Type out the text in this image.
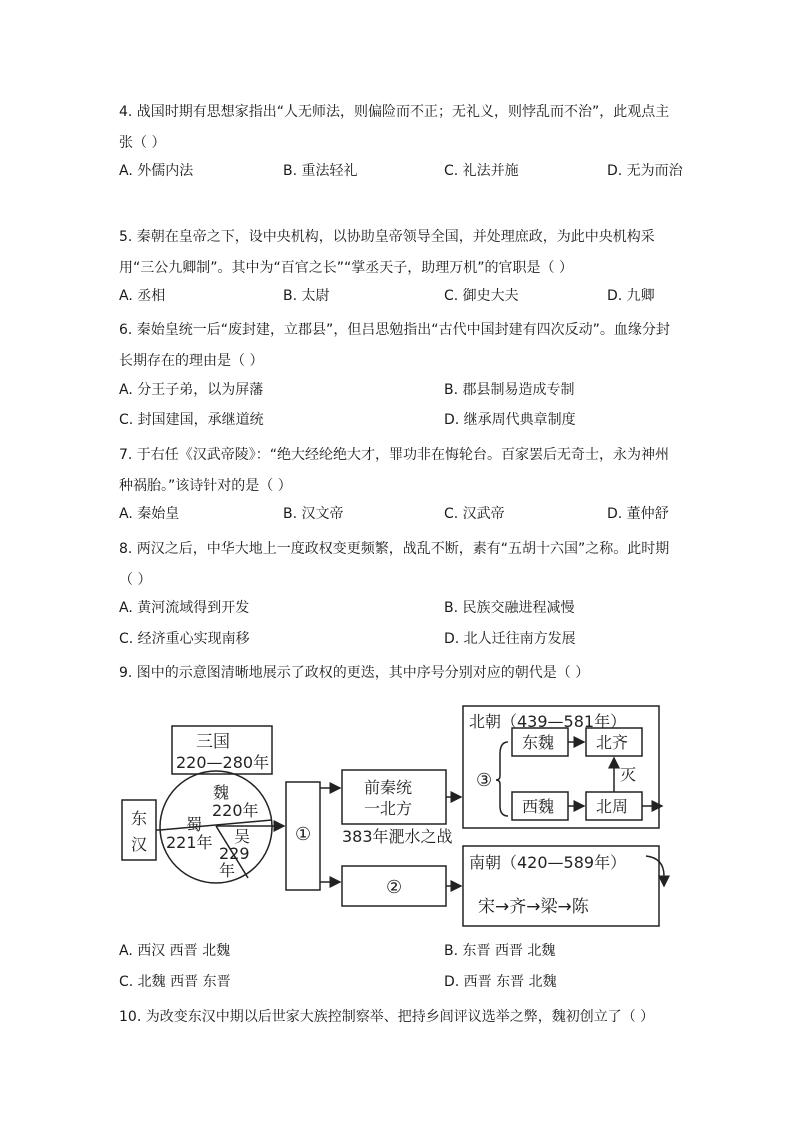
4. 战国时期有思想家指出“人无师法，则偏险而不正；无礼义，则悖乱而不治”，此观点主张（ ）
A. 外儒内法	B. 重法轻礼	C. 礼法并施	D. 无为而治
5. 秦朝在皇帝之下，设中央机构，以协助皇帝领导全国，并处理庶政，为此中央机构采用“三公九卿制”。其中为“百官之长”“掌丞天子，助理万机”的官职是（ ）
A. 丞相	B. 太尉	C. 御史大夫	D. 九卿
6. 秦始皇统一后“废封建，立郡县”，但吕思勉指出“古代中国封建有四次反动”。血缘分封长期存在的理由是（ ）
A. 分王子弟，以为屏藩	B. 郡县制易造成专制
C. 封国建国，承继道统	D. 继承周代典章制度
7. 于右任《汉武帝陵》：“绝大经纶绝大才，罪功非在悔轮台。百家罢后无奇士，永为神州种祸胎。”该诗针对的是（ ）
A. 秦始皇	B. 汉文帝	C. 汉武帝	D. 董仲舒
8. 两汉之后，中华大地上一度政权变更频繁，战乱不断，素有“五胡十六国”之称。此时期（ ）
A. 黄河流域得到开发	B. 民族交融进程减慢
C. 经济重心实现南移	D. 北人迁往南方发展
9. 图中的示意图清晰地展示了政权的更迭，其中序号分别对应的朝代是（ ）
三国
220—280年
东
汉
魏
220年
蜀
221年 吴
229
年
①
前秦统
一北方
383年淝水之战
②
北朝（439—581年）
③
东魏
西魏
北齐
北周
灭
南朝（420—589年）
宋→齐→梁→陈
A. 西汉 西晋 北魏	B. 东晋 西晋 北魏
C. 北魏 西晋 东晋	D. 西晋 东晋 北魏
10. 为改变东汉中期以后世家大族控制察举、把持乡闾评议选举之弊，魏初创立了（ ）
